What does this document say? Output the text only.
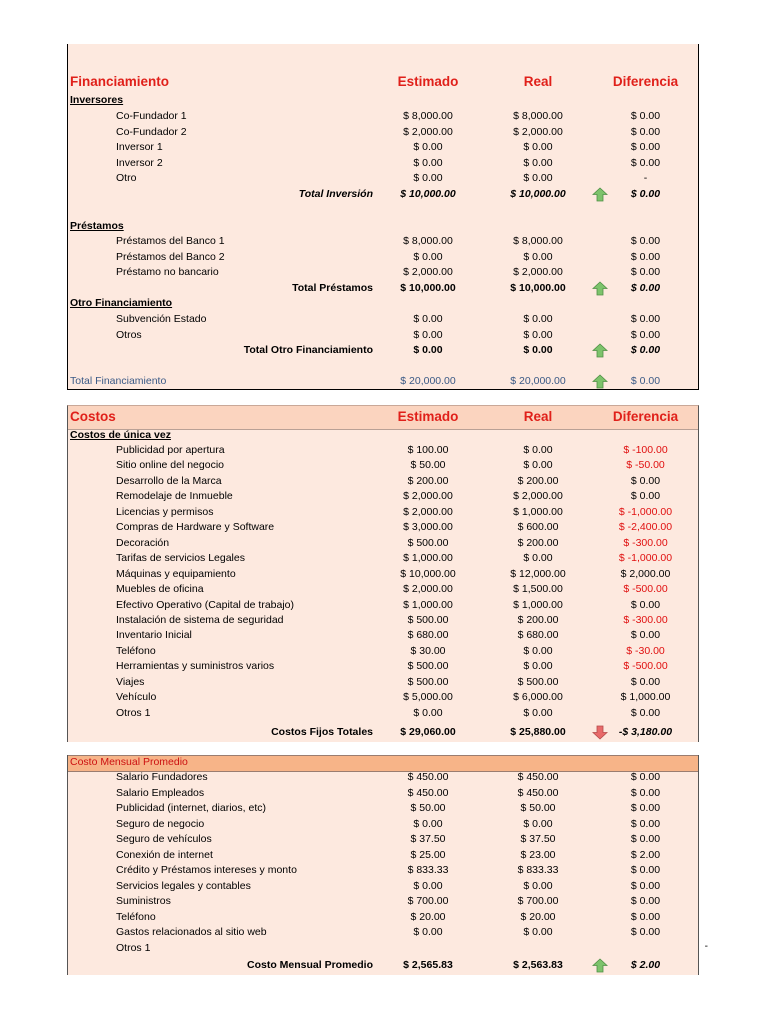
Financiamiento	Estimado	Real	Diferencia
Inversores
Co-Fundador 1	$ 8,000.00	$ 8,000.00	$ 0.00
Co-Fundador 2	$ 2,000.00	$ 2,000.00	$ 0.00
Inversor 1	$ 0.00	$ 0.00	$ 0.00
Inversor 2	$ 0.00	$ 0.00	$ 0.00
Otro	$ 0.00	$ 0.00	-
Total Inversión	$ 10,000.00	$ 10,000.00	$ 0.00
Préstamos
Préstamos del Banco 1	$ 8,000.00	$ 8,000.00	$ 0.00
Préstamos del Banco 2	$ 0.00	$ 0.00	$ 0.00
Préstamo no bancario	$ 2,000.00	$ 2,000.00	$ 0.00
Total Préstamos	$ 10,000.00	$ 10,000.00	$ 0.00
Otro Financiamiento
Subvención Estado	$ 0.00	$ 0.00	$ 0.00
Otros	$ 0.00	$ 0.00	$ 0.00
Total Otro Financiamiento	$ 0.00	$ 0.00	$ 0.00
Total Financiamiento	$ 20,000.00	$ 20,000.00	$ 0.00
Costos	Estimado	Real	Diferencia
Costos de única vez
Publicidad por apertura	$ 100.00	$ 0.00	$ -100.00
Sitio online del negocio	$ 50.00	$ 0.00	$ -50.00
Desarrollo de la Marca	$ 200.00	$ 200.00	$ 0.00
Remodelaje de Inmueble	$ 2,000.00	$ 2,000.00	$ 0.00
Licencias y permisos	$ 2,000.00	$ 1,000.00	$ -1,000.00
Compras de Hardware y Software	$ 3,000.00	$ 600.00	$ -2,400.00
Decoración	$ 500.00	$ 200.00	$ -300.00
Tarifas de servicios Legales	$ 1,000.00	$ 0.00	$ -1,000.00
Máquinas y equipamiento	$ 10,000.00	$ 12,000.00	$ 2,000.00
Muebles de oficina	$ 2,000.00	$ 1,500.00	$ -500.00
Efectivo Operativo (Capital de trabajo)	$ 1,000.00	$ 1,000.00	$ 0.00
Instalación de sistema de seguridad	$ 500.00	$ 200.00	$ -300.00
Inventario Inicial	$ 680.00	$ 680.00	$ 0.00
Teléfono	$ 30.00	$ 0.00	$ -30.00
Herramientas y suministros varios	$ 500.00	$ 0.00	$ -500.00
Viajes	$ 500.00	$ 500.00	$ 0.00
Vehículo	$ 5,000.00	$ 6,000.00	$ 1,000.00
Otros 1	$ 0.00	$ 0.00	$ 0.00
Costos Fijos Totales	$ 29,060.00	$ 25,880.00	-$ 3,180.00
Costo Mensual Promedio
Salario Fundadores	$ 450.00	$ 450.00	$ 0.00
Salario Empleados	$ 450.00	$ 450.00	$ 0.00
Publicidad (internet, diarios, etc)	$ 50.00	$ 50.00	$ 0.00
Seguro de negocio	$ 0.00	$ 0.00	$ 0.00
Seguro de vehículos	$ 37.50	$ 37.50	$ 0.00
Conexión de internet	$ 25.00	$ 23.00	$ 2.00
Crédito y Préstamos intereses y monto	$ 833.33	$ 833.33	$ 0.00
Servicios legales y contables	$ 0.00	$ 0.00	$ 0.00
Suministros	$ 700.00	$ 700.00	$ 0.00
Teléfono	$ 20.00	$ 20.00	$ 0.00
Gastos relacionados al sitio web	$ 0.00	$ 0.00	$ 0.00
Otros 1
Costo Mensual Promedio	$ 2,565.83	$ 2,563.83	$ 2.00
-
